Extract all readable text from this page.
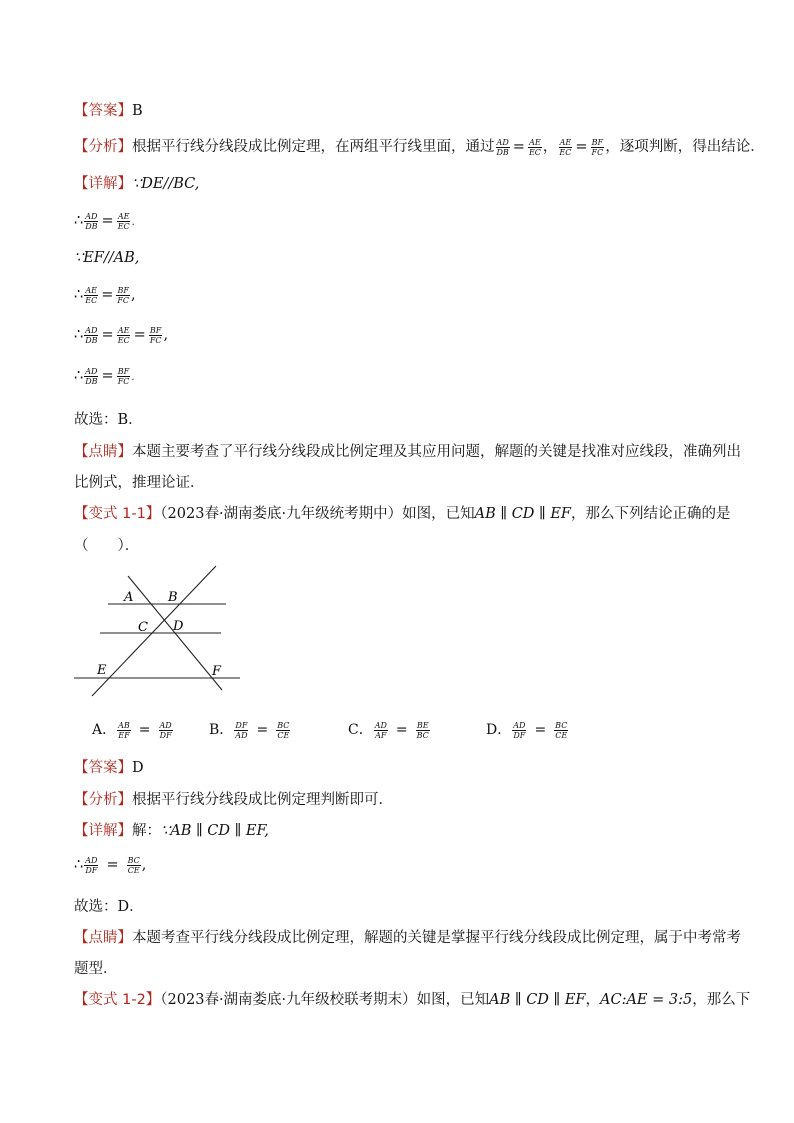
【答案】B
【分析】根据平行线分线段成比例定理，在两组平行线里面，通过 $\frac{AD}{DB} = \frac{AE}{EC}$ ， $\frac{AE}{EC} = \frac{BF}{FC}$ ，逐项判断，得出结论．
【详解】∵DE//BC,
∴ $\frac{AD}{DB} = \frac{AE}{EC}$ .
∵EF//AB,
∴ $\frac{AE}{EC} = \frac{BF}{FC}$ ,
∴ $\frac{AD}{DB} = \frac{AE}{EC} = \frac{BF}{FC}$ ,
∴ $\frac{AD}{DB} = \frac{BF}{FC}$ .
故选：B．
【点睛】本题主要考查了平行线分线段成比例定理及其应用问题，解题的关键是找准对应线段，准确列出
比例式，推理论证．
【变式 1-1】（2023春·湖南娄底·九年级统考期中）如图，已知AB ∥ CD ∥ EF，那么下列结论正确的是
（　　）．
A	B
C D
E	F
A． $\frac{AB}{EF} = \frac{AD}{DF}$	B． $\frac{DF}{AD} = \frac{BC}{CE}$	C． $\frac{AD}{AF} = \frac{BE}{BC}$	D． $\frac{AD}{DF} = \frac{BC}{CE}$
【答案】D
【分析】根据平行线分线段成比例定理判断即可．
【详解】解：∵AB ∥ CD ∥ EF,
∴ $\frac{AD}{DF} = \frac{BC}{CE}$ ,
故选：D．
【点睛】本题考查平行线分线段成比例定理，解题的关键是掌握平行线分线段成比例定理，属于中考常考
题型．
【变式 1-2】（2023春·湖南娄底·九年级校联考期末）如图，已知AB ∥ CD ∥ EF，AC:AE = 3:5，那么下
